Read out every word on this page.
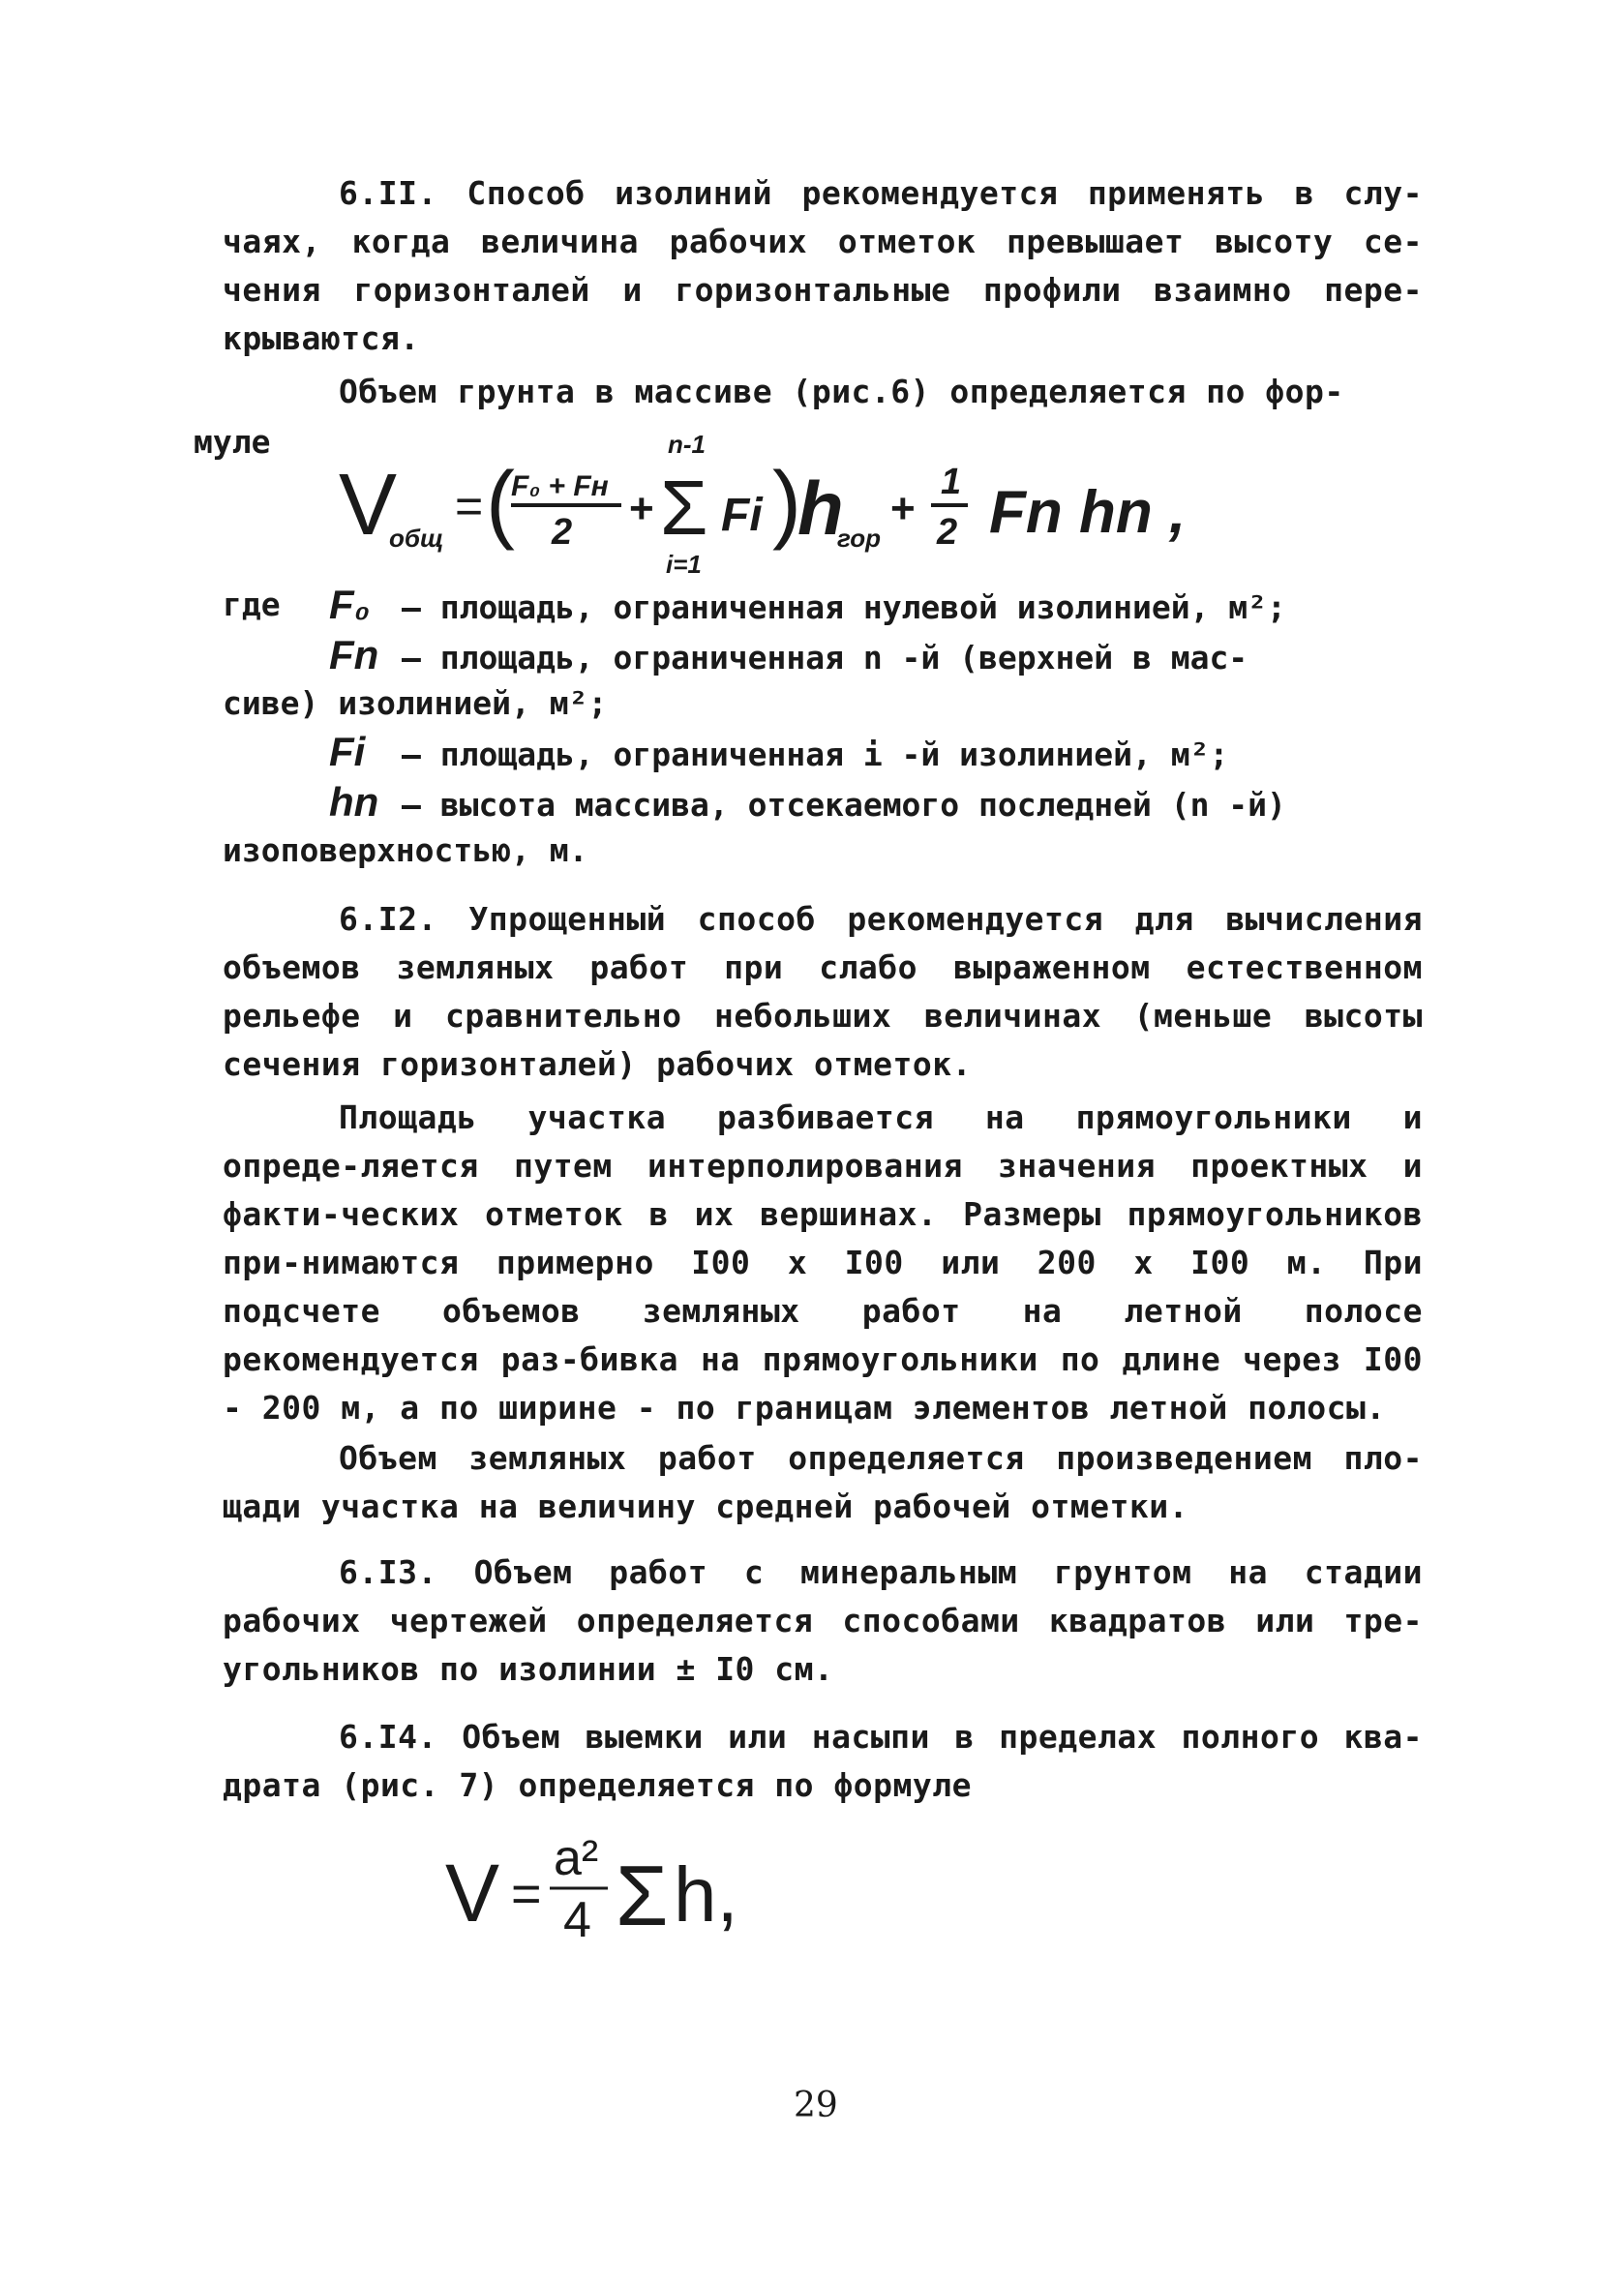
6.II. Способ изолиний рекомендуется применять в слу-чаях, когда величина рабочих отметок превышает высоту се-чения горизонталей и горизонтальные профили взаимно пере-крываются.

Объем грунта в массиве (рис.6) определяется по фор-

муле
V
общ
= (
F₀ + Fн
2 +
n-1
Σ
i=1
Fi )
h
гор
+
1
2 Fn hn ,
где F₀ – площадь, ограниченная нулевой изолинией, м²;
Fn – площадь, ограниченная n -й (верхней в мас-
сиве) изолинией, м²;
Fi – площадь, ограниченная i -й изолинией, м²;
hn – высота массива, отсекаемого последней (n -й)
изоповерхностью, м.

6.I2. Упрощенный способ рекомендуется для вычисления объемов земляных работ при слабо выраженном естественном рельефе и сравнительно небольших величинах (меньше высоты сечения горизонталей) рабочих отметок.

Площадь участка разбивается на прямоугольники и опреде-ляется путем интерполирования значения проектных и факти-ческих отметок в их вершинах. Размеры прямоугольников при-нимаются примерно I00 x I00 или 200 x I00 м. При подсчете объемов земляных работ на летной полосе рекомендуется раз-бивка на прямоугольники по длине через I00 - 200 м, а по ширине - по границам элементов летной полосы.

Объем земляных работ определяется произведением пло-щади участка на величину средней рабочей отметки.

6.I3. Объем работ с минеральным грунтом на стадии рабочих чертежей определяется способами квадратов или тре-угольников по изолинии ± I0 см.

6.I4. Объем выемки или насыпи в пределах полного ква-драта (рис. 7) определяется по формуле

V =
a²
4 Σ h,
29
